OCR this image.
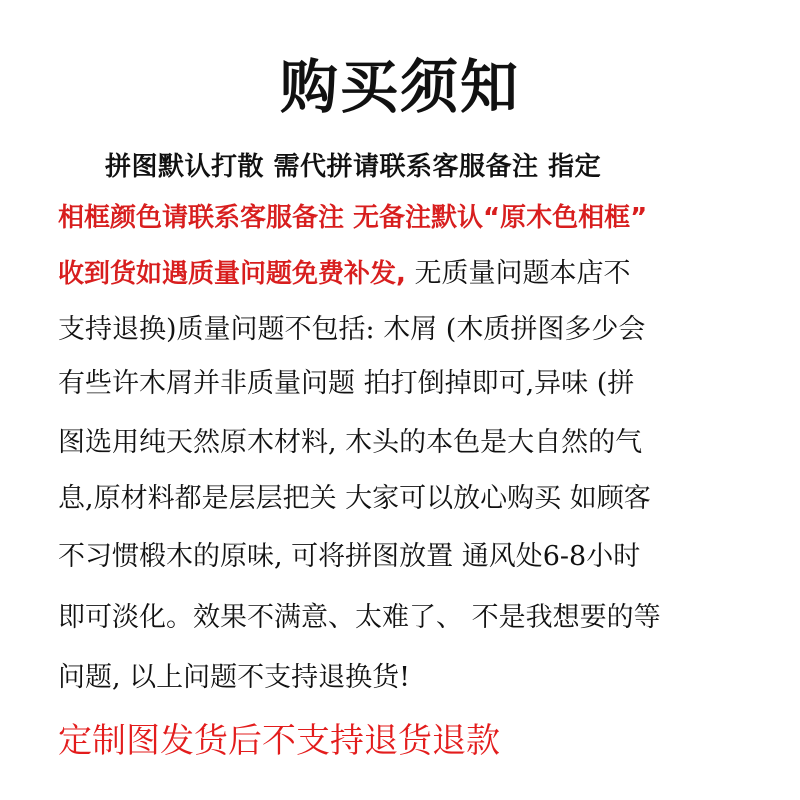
购买须知

拼图默认打散 需代拼请联系客服备注 指定

相框颜色请联系客服备注 无备注默认“原木色相框”

收到货如遇质量问题免费补发, 无质量问题本店不

支持退换)质量问题不包括: 木屑 (木质拼图多少会

有些许木屑并非质量问题 拍打倒掉即可,异味 (拼

图选用纯天然原木材料, 木头的本色是大自然的气

息,原材料都是层层把关 大家可以放心购买 如顾客

不习惯椴木的原味, 可将拼图放置 通风处6-8小时

即可淡化。效果不满意、太难了、 不是我想要的等

问题, 以上问题不支持退换货!

定制图发货后不支持退货退款
